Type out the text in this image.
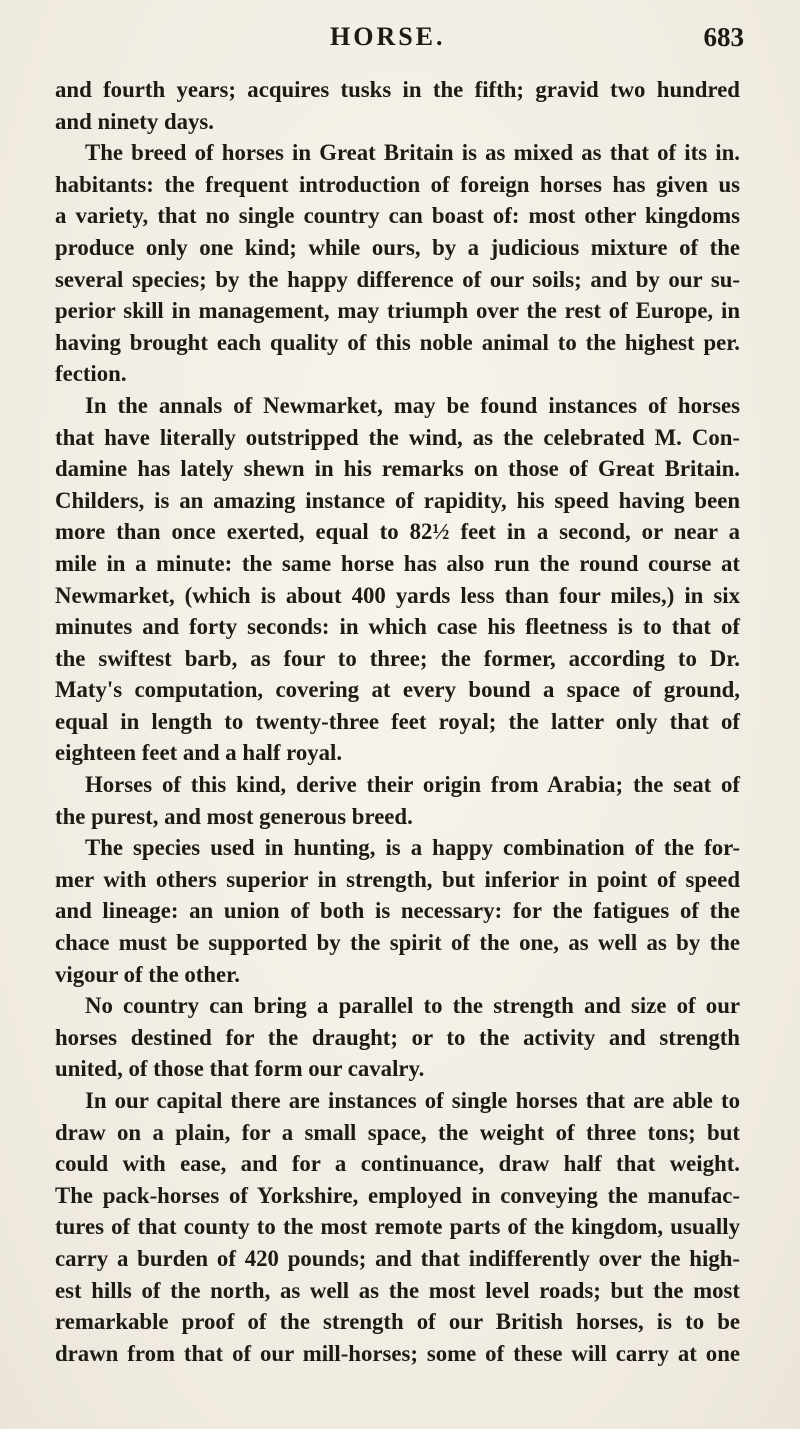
HORSE.	683
and fourth years; acquires tusks in the fifth; gravid two hundred
and ninety days.
The breed of horses in Great Britain is as mixed as that of its in.
habitants: the frequent introduction of foreign horses has given us
a variety, that no single country can boast of: most other kingdoms
produce only one kind; while ours, by a judicious mixture of the
several species; by the happy difference of our soils; and by our su-
perior skill in management, may triumph over the rest of Europe, in
having brought each quality of this noble animal to the highest per.
fection.
In the annals of Newmarket, may be found instances of horses
that have literally outstripped the wind, as the celebrated M. Con-
damine has lately shewn in his remarks on those of Great Britain.
Childers, is an amazing instance of rapidity, his speed having been
more than once exerted, equal to 82½ feet in a second, or near a
mile in a minute: the same horse has also run the round course at
Newmarket, (which is about 400 yards less than four miles,) in six
minutes and forty seconds: in which case his fleetness is to that of
the swiftest barb, as four to three; the former, according to Dr.
Maty's computation, covering at every bound a space of ground,
equal in length to twenty-three feet royal; the latter only that of
eighteen feet and a half royal.
Horses of this kind, derive their origin from Arabia; the seat of
the purest, and most generous breed.
The species used in hunting, is a happy combination of the for-
mer with others superior in strength, but inferior in point of speed
and lineage: an union of both is necessary: for the fatigues of the
chace must be supported by the spirit of the one, as well as by the
vigour of the other.
No country can bring a parallel to the strength and size of our
horses destined for the draught; or to the activity and strength
united, of those that form our cavalry.
In our capital there are instances of single horses that are able to
draw on a plain, for a small space, the weight of three tons; but
could with ease, and for a continuance, draw half that weight.
The pack-horses of Yorkshire, employed in conveying the manufac-
tures of that county to the most remote parts of the kingdom, usually
carry a burden of 420 pounds; and that indifferently over the high-
est hills of the north, as well as the most level roads; but the most
remarkable proof of the strength of our British horses, is to be
drawn from that of our mill-horses; some of these will carry at one
